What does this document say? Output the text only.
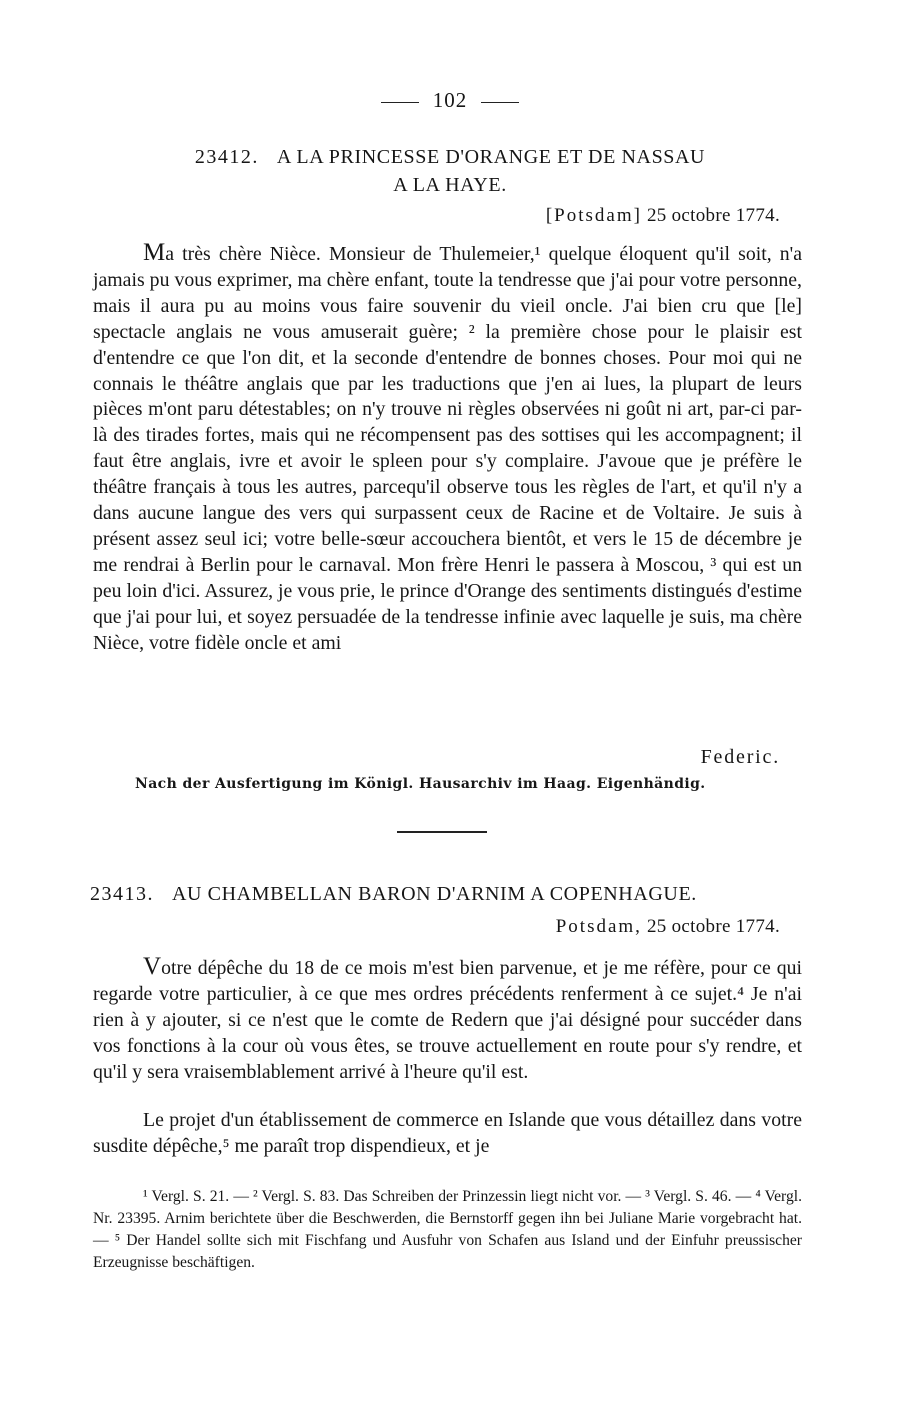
102
23412. A LA PRINCESSE D'ORANGE ET DE NASSAU
A LA HAYE.
[Potsdam] 25 octobre 1774.
Ma très chère Nièce. Monsieur de Thulemeier,¹ quelque éloquent qu'il soit, n'a jamais pu vous exprimer, ma chère enfant, toute la tendresse que j'ai pour votre personne, mais il aura pu au moins vous faire souvenir du vieil oncle. J'ai bien cru que [le] spectacle anglais ne vous amuserait guère; ² la première chose pour le plaisir est d'entendre ce que l'on dit, et la seconde d'entendre de bonnes choses. Pour moi qui ne connais le théâtre anglais que par les traductions que j'en ai lues, la plupart de leurs pièces m'ont paru détestables; on n'y trouve ni règles observées ni goût ni art, par-ci par-là des tirades fortes, mais qui ne récompensent pas des sottises qui les accompagnent; il faut être anglais, ivre et avoir le spleen pour s'y complaire. J'avoue que je préfère le théâtre français à tous les autres, parcequ'il observe tous les règles de l'art, et qu'il n'y a dans aucune langue des vers qui surpassent ceux de Racine et de Voltaire. Je suis à présent assez seul ici; votre belle-sœur accouchera bientôt, et vers le 15 de décembre je me rendrai à Berlin pour le carnaval. Mon frère Henri le passera à Moscou, ³ qui est un peu loin d'ici. Assurez, je vous prie, le prince d'Orange des sentiments distingués d'estime que j'ai pour lui, et soyez persuadée de la tendresse infinie avec laquelle je suis, ma chère Nièce, votre fidèle oncle et ami
Federic.
Nach der Ausfertigung im Königl. Hausarchiv im Haag. Eigenhändig.
23413. AU CHAMBELLAN BARON D'ARNIM A COPENHAGUE.
Potsdam, 25 octobre 1774.
Votre dépêche du 18 de ce mois m'est bien parvenue, et je me réfère, pour ce qui regarde votre particulier, à ce que mes ordres précédents renferment à ce sujet.⁴ Je n'ai rien à y ajouter, si ce n'est que le comte de Redern que j'ai désigné pour succéder dans vos fonctions à la cour où vous êtes, se trouve actuellement en route pour s'y rendre, et qu'il y sera vraisemblablement arrivé à l'heure qu'il est.
Le projet d'un établissement de commerce en Islande que vous détaillez dans votre susdite dépêche,⁵ me paraît trop dispendieux, et je
¹ Vergl. S. 21. — ² Vergl. S. 83. Das Schreiben der Prinzessin liegt nicht vor. — ³ Vergl. S. 46. — ⁴ Vergl. Nr. 23395. Arnim berichtete über die Beschwerden, die Bernstorff gegen ihn bei Juliane Marie vorgebracht hat. — ⁵ Der Handel sollte sich mit Fischfang und Ausfuhr von Schafen aus Island und der Einfuhr preussischer Erzeugnisse beschäftigen.
